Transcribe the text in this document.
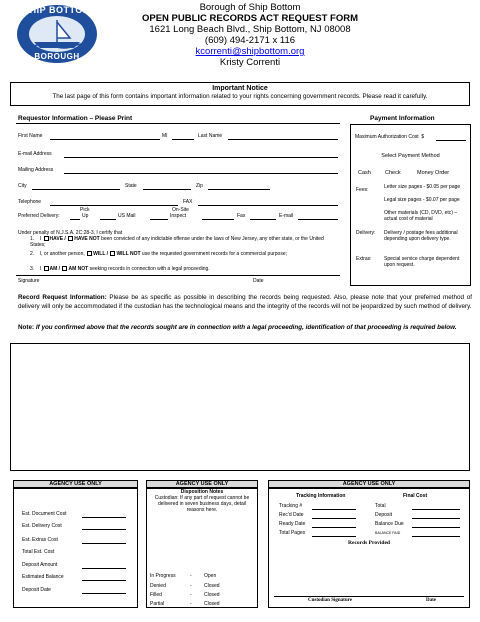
SHIP BOTTOM
BOROUGH
Borough of Ship Bottom
OPEN PUBLIC RECORDS ACT REQUEST FORM
1621 Long Beach Blvd., Ship Bottom, NJ 08008
(609) 494-2171 x 116
kcorrenti@shipbottom.org
Kristy Correnti
Important Notice
The last page of this form contains important information related to your rights concerning government records. Please read it carefully.
Requestor Information – Please Print	Payment Information
First Name	MI	Last Name
E-mail Address
Mailing Address
City	State	Zip
Telephone	FAX
Pick	On-Site
Preferred Delivery:	Up	US Mail	Inspect	Fax	E-mail
Under penalty of N.J.S.A. 2C:28-3, I certify that
1. I HAVE / HAVE NOT been convicted of any indictable offense under the laws of New Jersey, any other state, or the United States;
2. I, or another person, WILL / WILL NOT use the requested government records for a commercial purpose;
3. I AM / AM NOT seeking records in connection with a legal proceeding.
Signature	Date
Maximum Authorization Cost $
Select Payment Method
Cash	Check	Money Order
Fees:	Letter size pages - $0.05 per page
Legal size pages - $0.07 per page
Other materials (CD, DVD, etc) – actual cost of material
Delivery: Delivery / postage fees additional depending upon delivery type.
Extras: Special service charge dependent upon request.
Record Request Information: Please be as specific as possible in describing the records being requested. Also, please note that your preferred method of delivery will only be accommodated if the custodian has the technological means and the integrity of the records will not be jeopardized by such method of delivery.
Note: If you confirmed above that the records sought are in connection with a legal proceeding, identification of that proceeding is required below.
AGENCY USE ONLY
Est. Document Cost
Est. Delivery Cost
Est. Extras Cost
Total Est. Cost
Deposit Amount
Estimated Balance
Deposit Date
AGENCY USE ONLY
Disposition Notes
Custodian: If any part of request cannot be delivered in seven business days, detail reasons here.
In Progress	- Open
Denied	- Closed
Filled	- Closed
Partial	- Closed
AGENCY USE ONLY
Tracking Information	Final Cost
Tracking #
Rec'd Date
Ready Date
Total Pages
Total
Deposit
Balance Due
BALANCE PAID
Records Provided
Custodian Signature	Date
